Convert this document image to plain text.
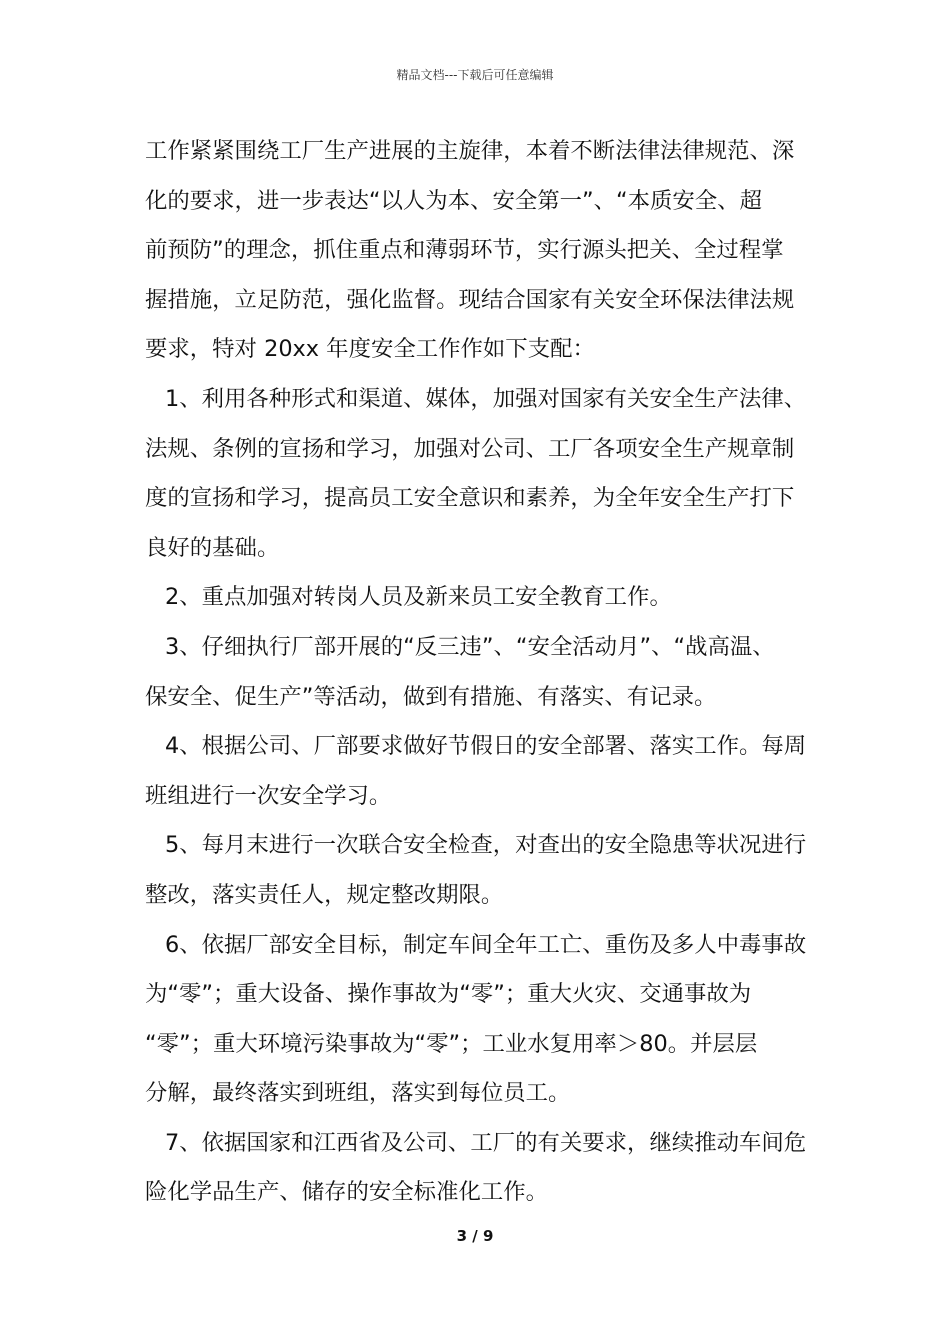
精品文档---下载后可任意编辑
工作紧紧围绕工厂生产进展的主旋律，本着不断法律法律规范、深
化的要求，进一步表达“以人为本、安全第一”、“本质安全、超
前预防”的理念，抓住重点和薄弱环节，实行源头把关、全过程掌
握措施，立足防范，强化监督。现结合国家有关安全环保法律法规
要求，特对 20xx 年度安全工作作如下支配：
1、利用各种形式和渠道、媒体，加强对国家有关安全生产法律、
法规、条例的宣扬和学习，加强对公司、工厂各项安全生产规章制
度的宣扬和学习，提高员工安全意识和素养，为全年安全生产打下
良好的基础。
2、重点加强对转岗人员及新来员工安全教育工作。
3、仔细执行厂部开展的“反三违”、“安全活动月”、“战高温、
保安全、促生产”等活动，做到有措施、有落实、有记录。
4、根据公司、厂部要求做好节假日的安全部署、落实工作。每周
班组进行一次安全学习。
5、每月末进行一次联合安全检查，对查出的安全隐患等状况进行
整改，落实责任人，规定整改期限。
6、依据厂部安全目标，制定车间全年工亡、重伤及多人中毒事故
为“零”；重大设备、操作事故为“零”；重大火灾、交通事故为
“零”；重大环境污染事故为“零”；工业水复用率＞80。并层层
分解，最终落实到班组，落实到每位员工。
7、依据国家和江西省及公司、工厂的有关要求，继续推动车间危
险化学品生产、储存的安全标准化工作。
3 / 9
